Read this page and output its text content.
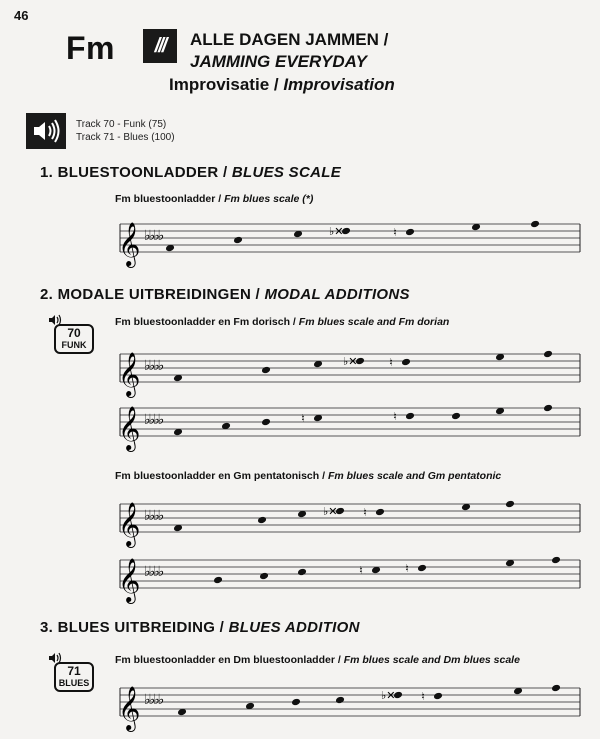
46
Fm	///	ALLE DAGEN JAMMEN /
JAMMING EVERYDAY
Improvisatie / Improvisation
Track 70 - Funk (75)
Track 71 - Blues (100)
1. BLUESTOONLADDER / BLUES SCALE
Fm bluestoonladder / Fm blues scale (*)
𝄞 ♭♭♭♭	♭✕	♮
2. MODALE UITBREIDINGEN / MODAL ADDITIONS
70
FUNK
Fm bluestoonladder en Fm dorisch / Fm blues scale and Fm dorian
𝄞 ♭♭♭♭	♭✕	♮
𝄞 ♭♭♭♭	♮	♮
Fm bluestoonladder en Gm pentatonisch / Fm blues scale and Gm pentatonic
𝄞 ♭♭♭♭	♭✕ ♮
𝄞 ♭♭♭♭	♮	♮
3. BLUES UITBREIDING / BLUES ADDITION
71
BLUES
Fm bluestoonladder en Dm bluestoonladder / Fm blues scale and Dm blues scale
𝄞 ♭♭♭♭	♭✕ ♮
